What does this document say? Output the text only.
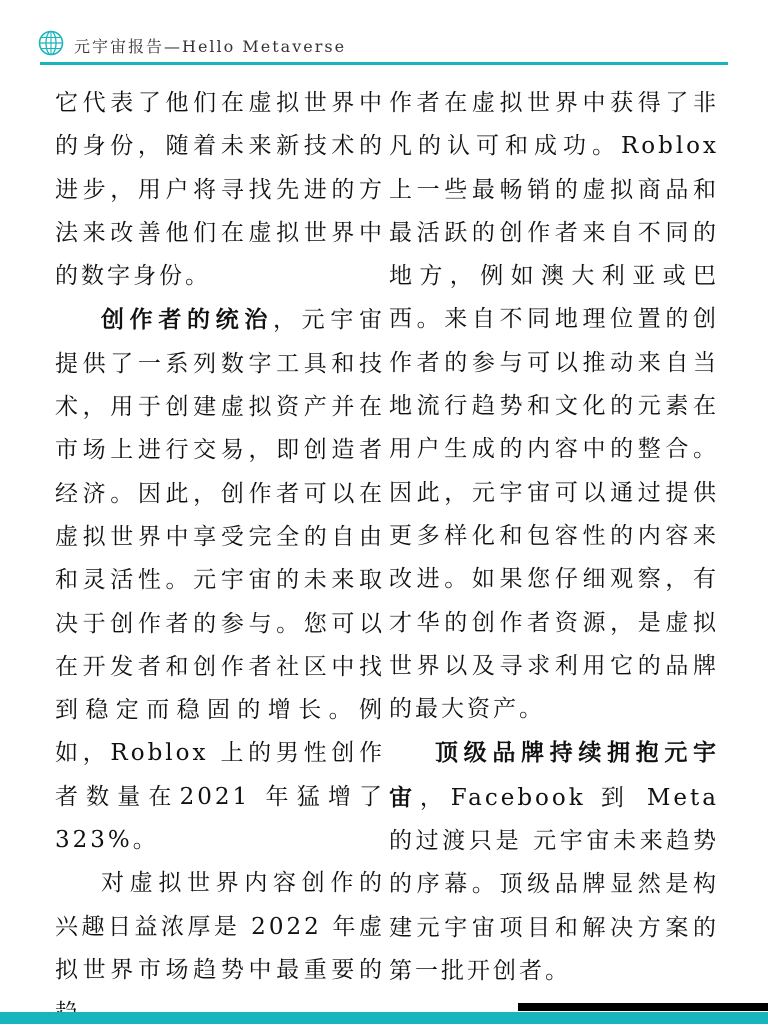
元宇宙报告—Hello Metaverse

它代表了他们在虚拟世界中的身份，随着未来新技术的进步，用户将寻找先进的方法来改善他们在虚拟世界中的数字身份。

创作者的统治，元宇宙提供了一系列数字工具和技术，用于创建虚拟资产并在市场上进行交易，即创造者经济。因此，创作者可以在虚拟世界中享受完全的自由和灵活性。元宇宙的未来取决于创作者的参与。您可以在开发者和创作者社区中找到稳定而稳固的增长。例如，Roblox 上的男性创作者数量在2021 年猛增了323%。

对虚拟世界内容创作的兴趣日益浓厚是 2022 年虚拟世界市场趋势中最重要的

作者在虚拟世界中获得了非凡的认可和成功。Roblox上一些最畅销的虚拟商品和最活跃的创作者来自不同的地方，例如澳大利亚或巴西。来自不同地理位置的创作者的参与可以推动来自当地流行趋势和文化的元素在用户生成的内容中的整合。因此，元宇宙可以通过提供更多样化和包容性的内容来改进。如果您仔细观察，有才华的创作者资源，是虚拟世界以及寻求利用它的品牌的最大资产。

顶级品牌持续拥抱元宇宙，Facebook 到 Meta 的过渡只是 元宇宙未来趋势的序幕。顶级品牌显然是构建元宇宙项目和解决方案的第一批开创者。
